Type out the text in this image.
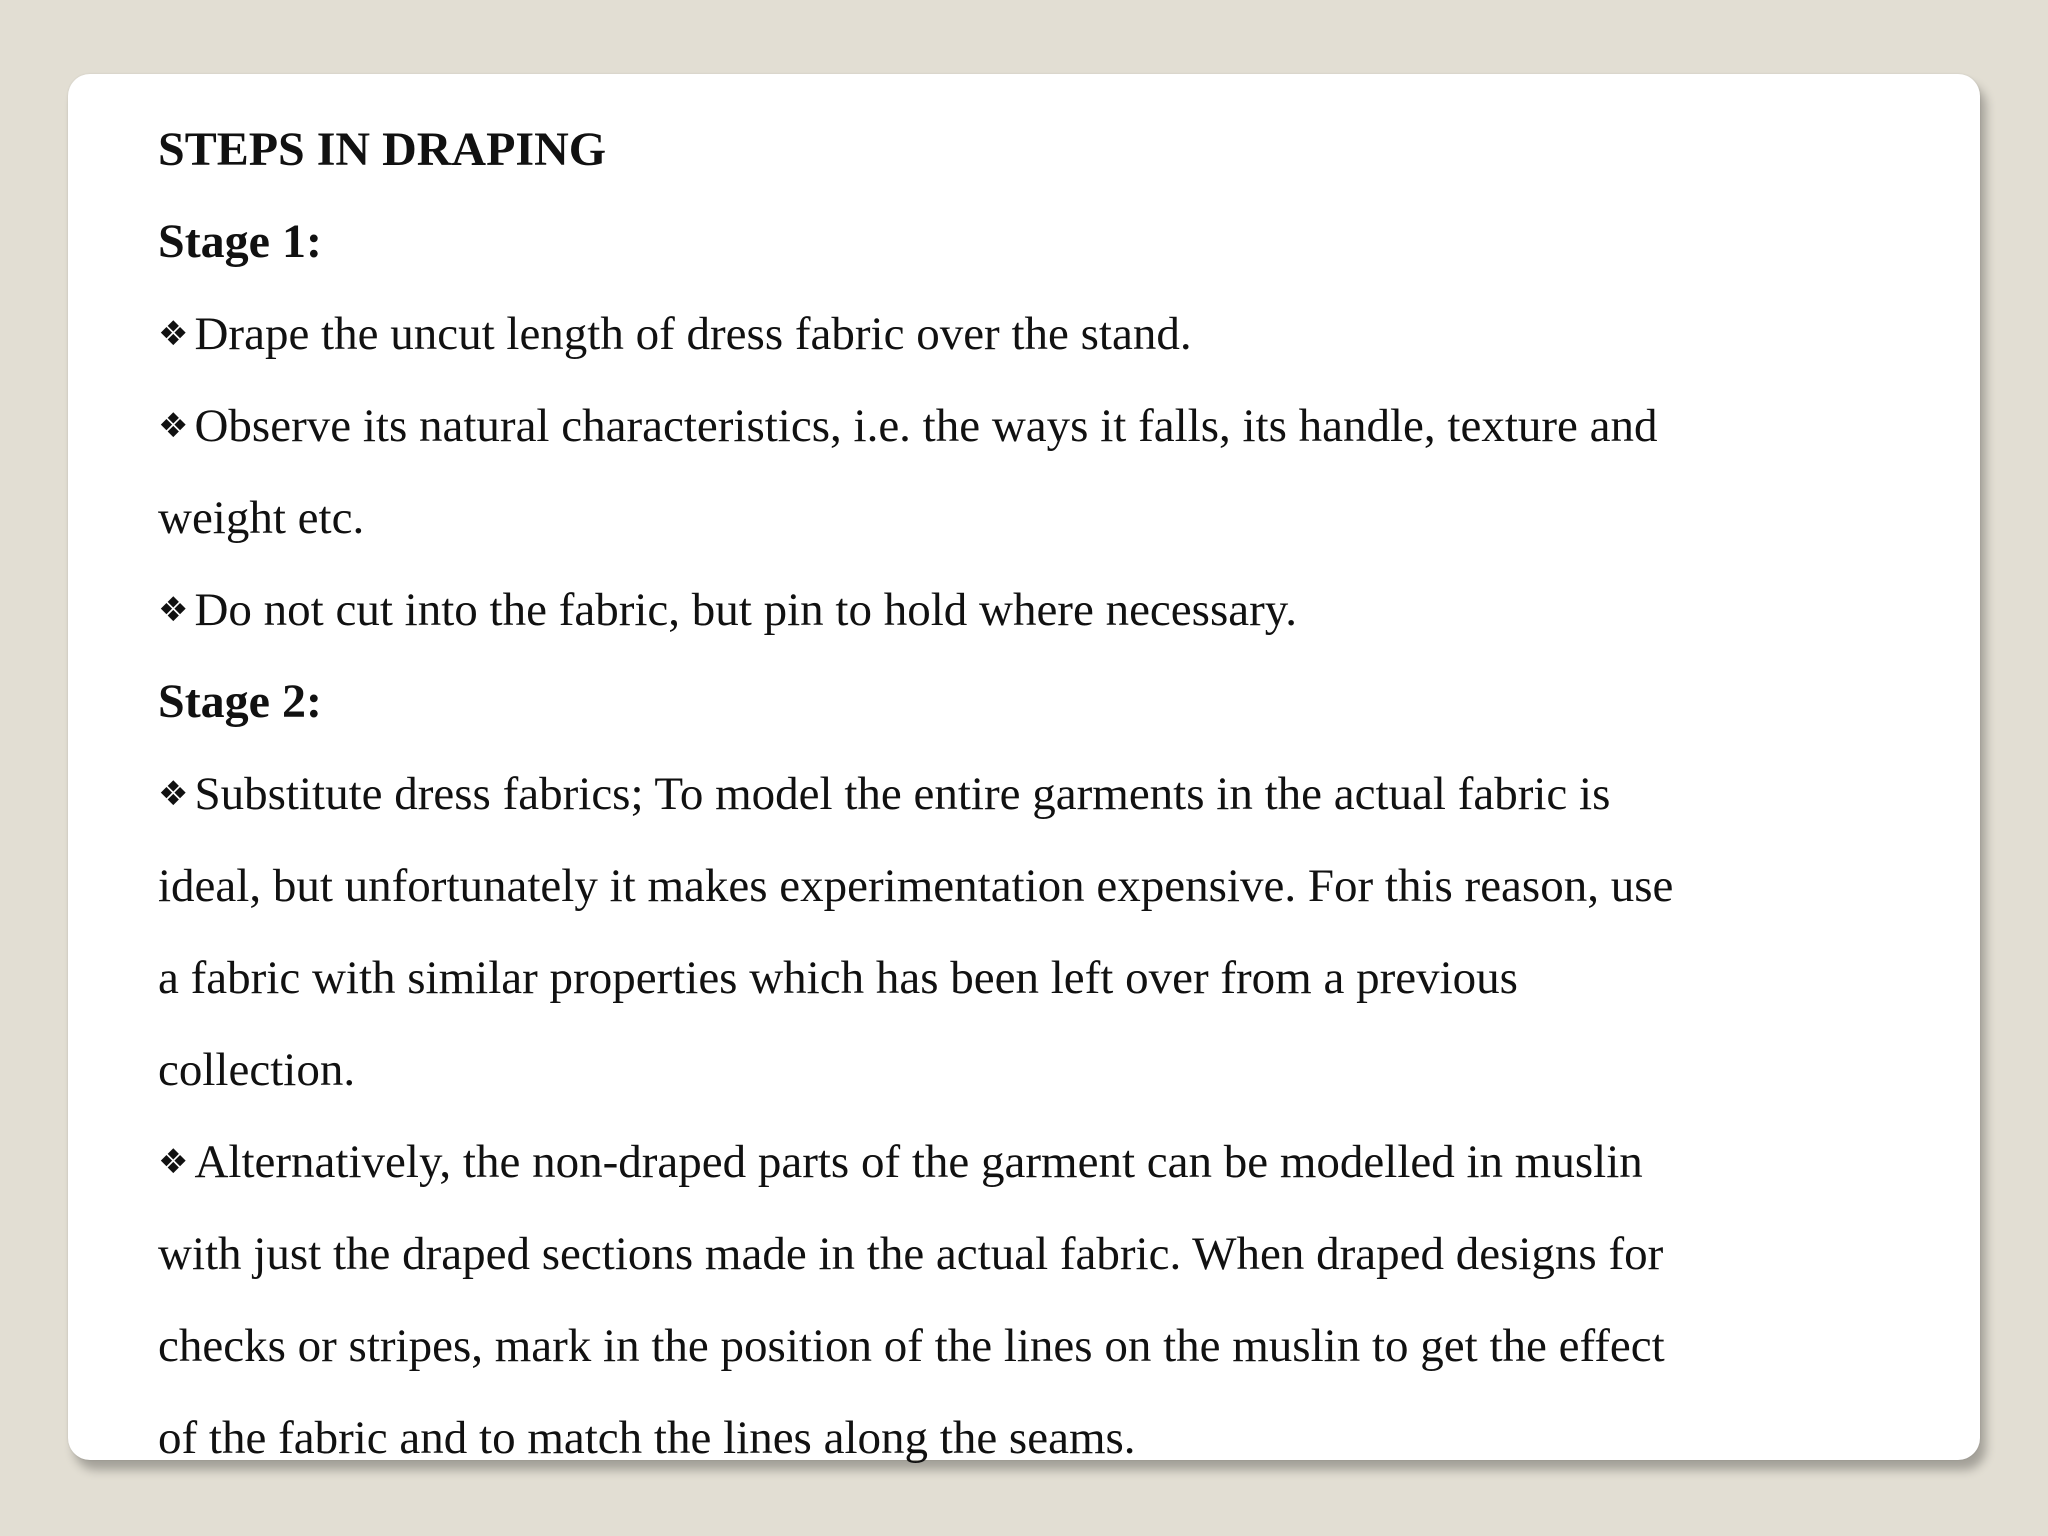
STEPS IN DRAPING
Stage 1:
❖ Drape the uncut length of dress fabric over the stand.
❖ Observe its natural characteristics, i.e. the ways it falls, its handle, texture and
weight etc.
❖ Do not cut into the fabric, but pin to hold where necessary.
Stage 2:
❖ Substitute dress fabrics; To model the entire garments in the actual fabric is
ideal, but unfortunately it makes experimentation expensive. For this reason, use
a fabric with similar properties which has been left over from a previous
collection.
❖ Alternatively, the non-draped parts of the garment can be modelled in muslin
with just the draped sections made in the actual fabric. When draped designs for
checks or stripes, mark in the position of the lines on the muslin to get the effect
of the fabric and to match the lines along the seams.
